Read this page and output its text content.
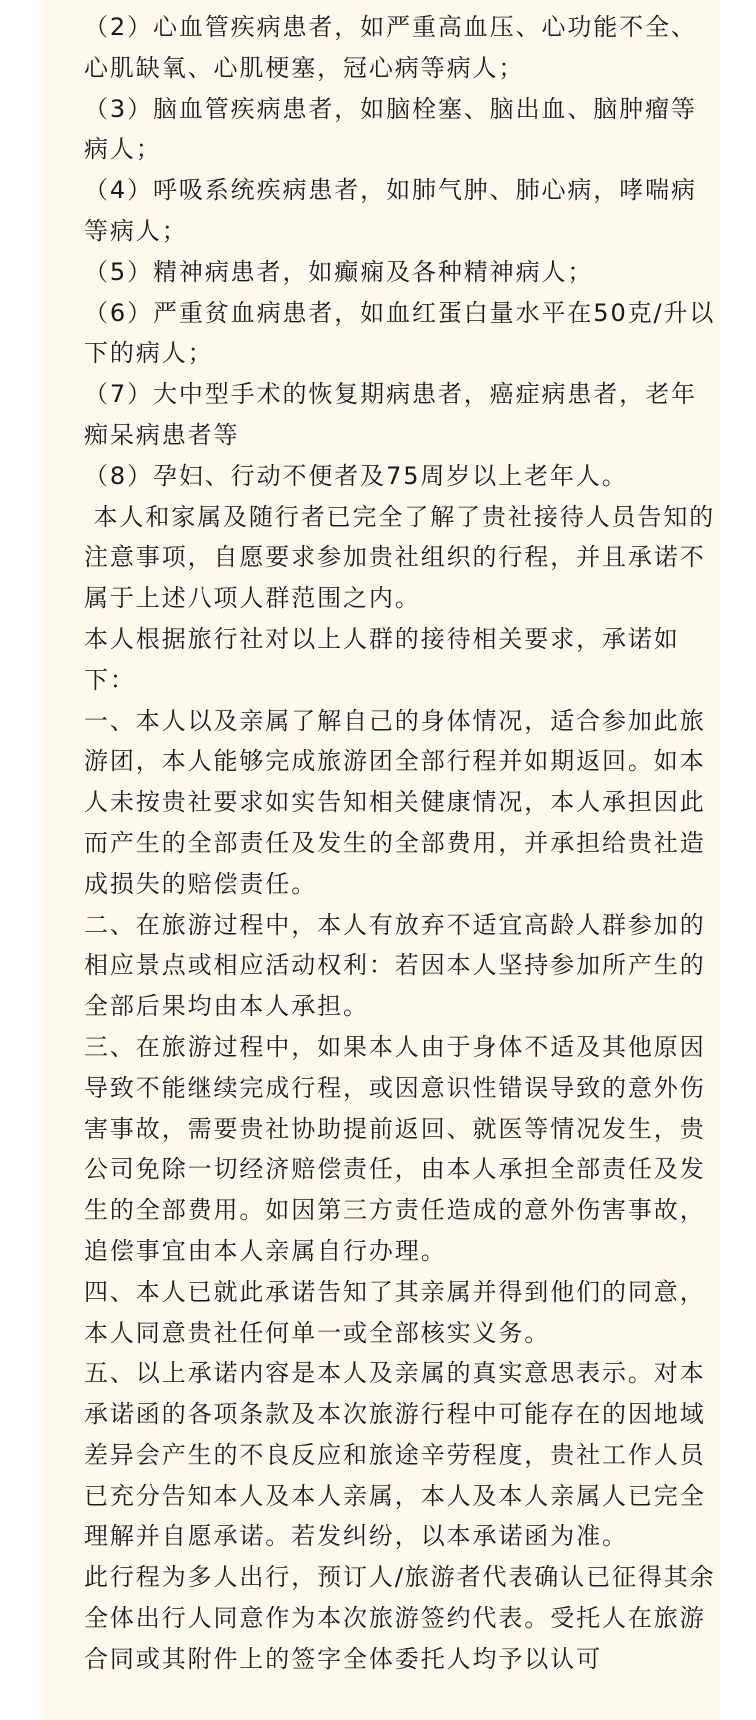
（2）心血管疾病患者，如严重高血压、心功能不全、心肌缺氧、心肌梗塞，冠心病等病人；

（3）脑血管疾病患者，如脑栓塞、脑出血、脑肿瘤等病人；

（4）呼吸系统疾病患者，如肺气肿、肺心病，哮喘病等病人；

（5）精神病患者，如癫痫及各种精神病人；

（6）严重贫血病患者，如血红蛋白量水平在50克/升以下的病人；

（7）大中型手术的恢复期病患者，癌症病患者，老年痴呆病患者等

（8）孕妇、行动不便者及75周岁以上老年人。

本人和家属及随行者已完全了解了贵社接待人员告知的注意事项，自愿要求参加贵社组织的行程，并且承诺不属于上述八项人群范围之内。

本人根据旅行社对以上人群的接待相关要求，承诺如下：

一、本人以及亲属了解自己的身体情况，适合参加此旅游团，本人能够完成旅游团全部行程并如期返回。如本人未按贵社要求如实告知相关健康情况，本人承担因此而产生的全部责任及发生的全部费用，并承担给贵社造成损失的赔偿责任。

二、在旅游过程中，本人有放弃不适宜高龄人群参加的相应景点或相应活动权利：若因本人坚持参加所产生的全部后果均由本人承担。

三、在旅游过程中，如果本人由于身体不适及其他原因导致不能继续完成行程，或因意识性错误导致的意外伤害事故，需要贵社协助提前返回、就医等情况发生，贵公司免除一切经济赔偿责任，由本人承担全部责任及发生的全部费用。如因第三方责任造成的意外伤害事故，追偿事宜由本人亲属自行办理。

四、本人已就此承诺告知了其亲属并得到他们的同意，本人同意贵社任何单一或全部核实义务。

五、以上承诺内容是本人及亲属的真实意思表示。对本承诺函的各项条款及本次旅游行程中可能存在的因地域差异会产生的不良反应和旅途辛劳程度，贵社工作人员已充分告知本人及本人亲属，本人及本人亲属人已完全理解并自愿承诺。若发纠纷，以本承诺函为准。

此行程为多人出行，预订人/旅游者代表确认已征得其余全体出行人同意作为本次旅游签约代表。受托人在旅游合同或其附件上的签字全体委托人均予以认可
